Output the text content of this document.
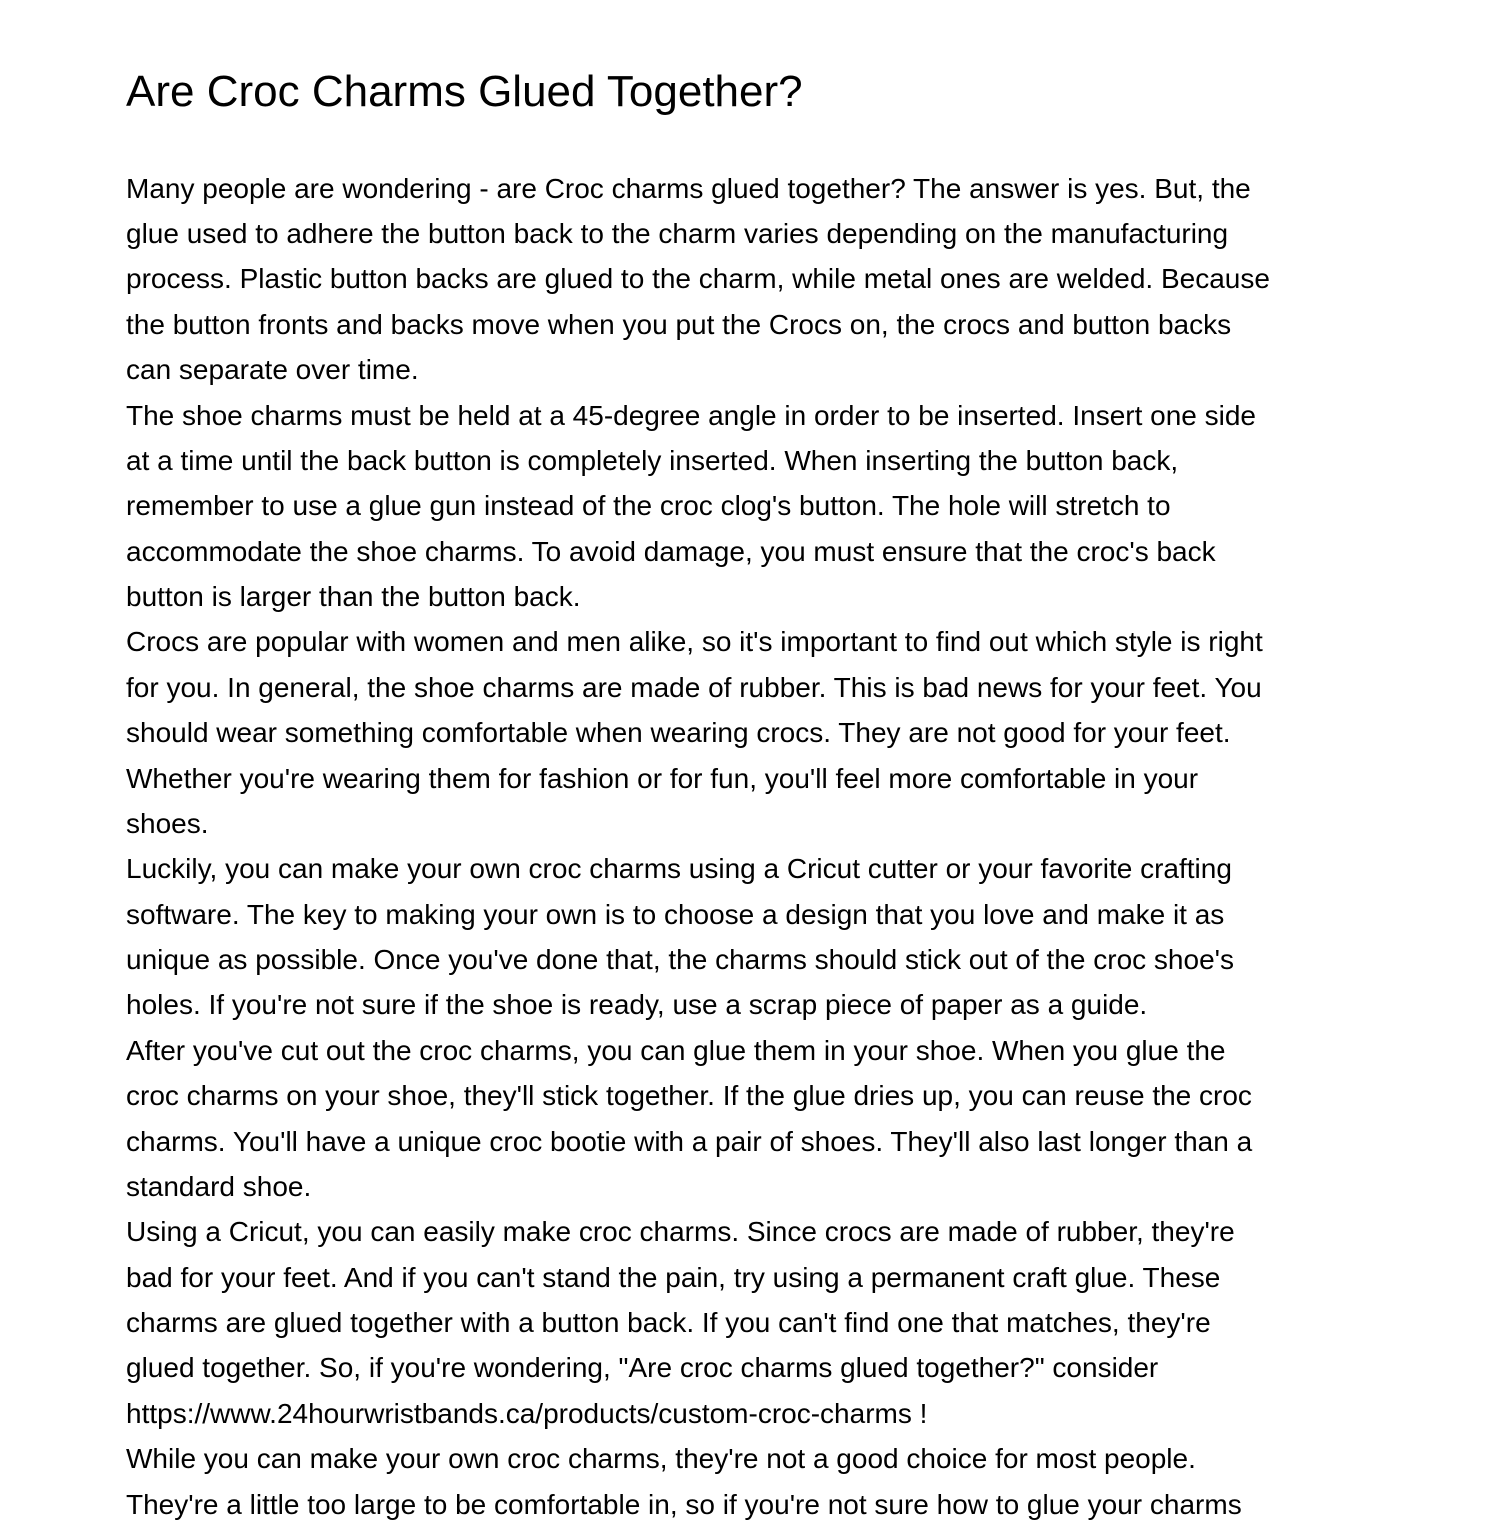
Are Croc Charms Glued Together?

Many people are wondering - are Croc charms glued together? The answer is yes. But, the

glue used to adhere the button back to the charm varies depending on the manufacturing

process. Plastic button backs are glued to the charm, while metal ones are welded. Because

the button fronts and backs move when you put the Crocs on, the crocs and button backs

can separate over time.

The shoe charms must be held at a 45-degree angle in order to be inserted. Insert one side

at a time until the back button is completely inserted. When inserting the button back,

remember to use a glue gun instead of the croc clog's button. The hole will stretch to

accommodate the shoe charms. To avoid damage, you must ensure that the croc's back

button is larger than the button back.

Crocs are popular with women and men alike, so it's important to find out which style is right

for you. In general, the shoe charms are made of rubber. This is bad news for your feet. You

should wear something comfortable when wearing crocs. They are not good for your feet.

Whether you're wearing them for fashion or for fun, you'll feel more comfortable in your

shoes.

Luckily, you can make your own croc charms using a Cricut cutter or your favorite crafting

software. The key to making your own is to choose a design that you love and make it as

unique as possible. Once you've done that, the charms should stick out of the croc shoe's

holes. If you're not sure if the shoe is ready, use a scrap piece of paper as a guide.

After you've cut out the croc charms, you can glue them in your shoe. When you glue the

croc charms on your shoe, they'll stick together. If the glue dries up, you can reuse the croc

charms. You'll have a unique croc bootie with a pair of shoes. They'll also last longer than a

standard shoe.

Using a Cricut, you can easily make croc charms. Since crocs are made of rubber, they're

bad for your feet. And if you can't stand the pain, try using a permanent craft glue. These

charms are glued together with a button back. If you can't find one that matches, they're

glued together. So, if you're wondering, "Are croc charms glued together?" consider

https://www.24hourwristbands.ca/products/custom-croc-charms !

While you can make your own croc charms, they're not a good choice for most people.

They're a little too large to be comfortable in, so if you're not sure how to glue your charms
